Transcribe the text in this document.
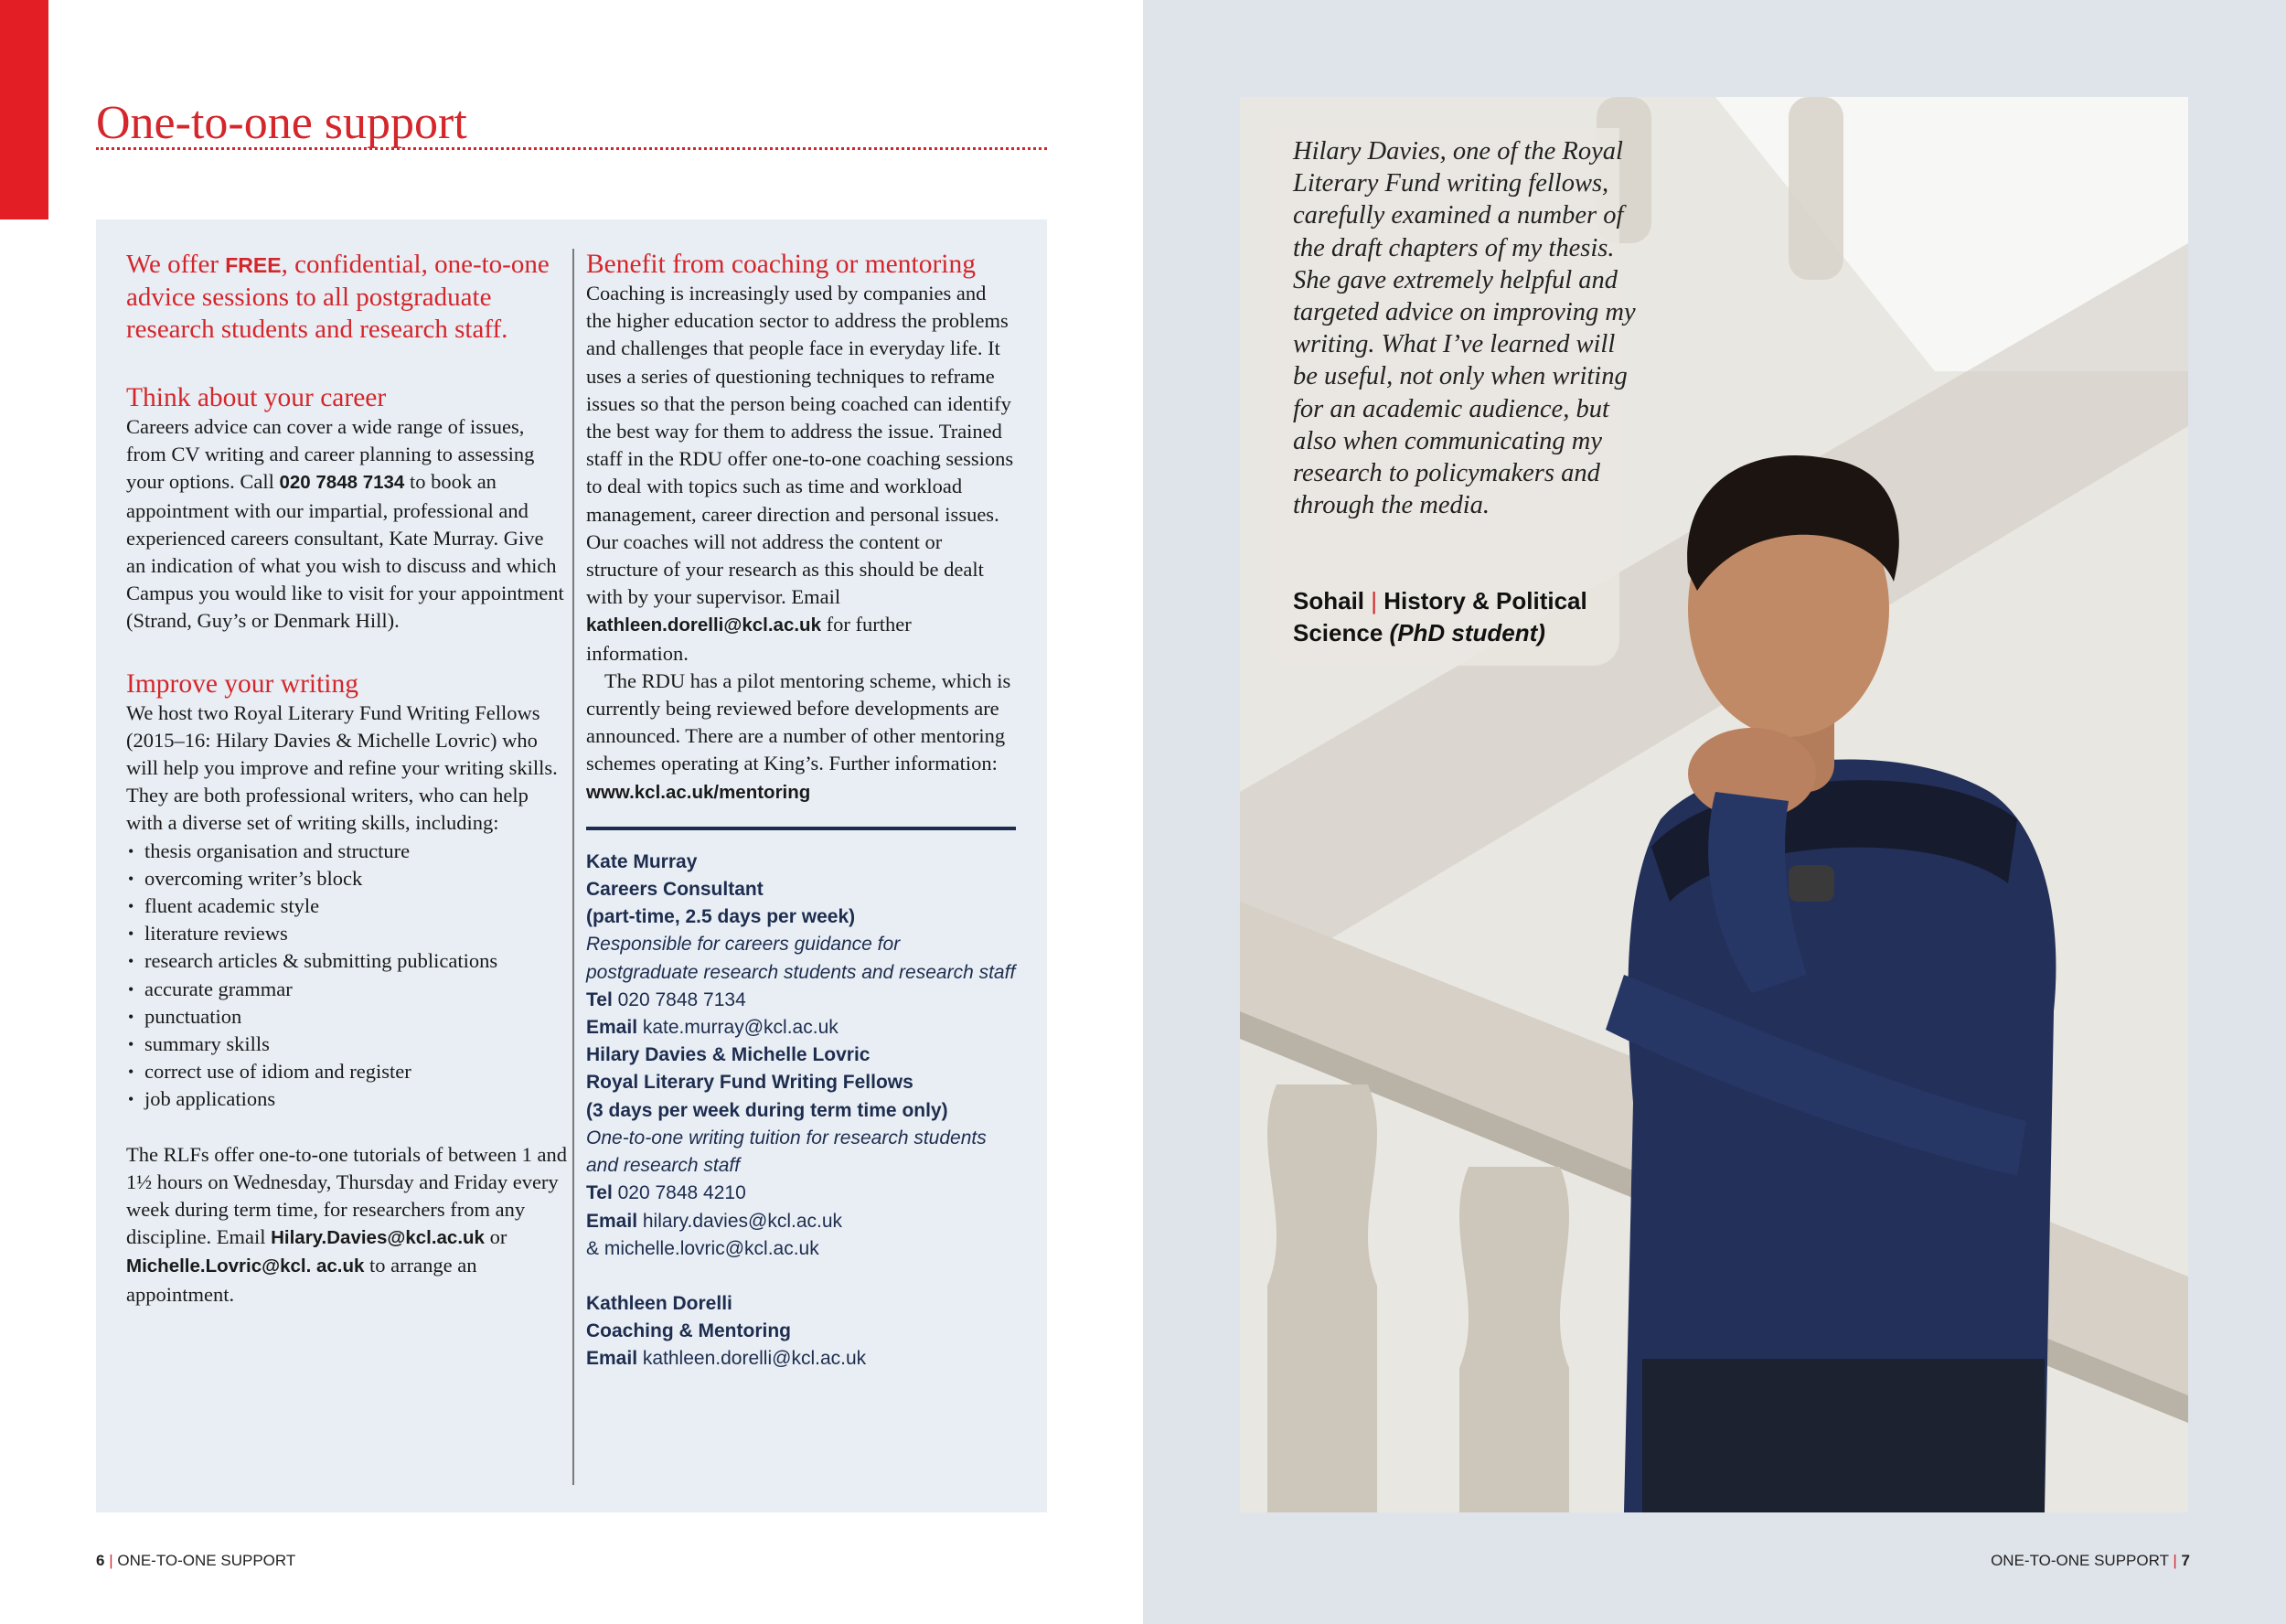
One-to-one support

We offer FREE, confidential, one-to-one advice sessions to all postgraduate research students and research staff.

Think about your career

Careers advice can cover a wide range of issues, from CV writing and career planning to assessing your options. Call 020 7848 7134 to book an appointment with our impartial, professional and experienced careers consultant, Kate Murray. Give an indication of what you wish to discuss and which Campus you would like to visit for your appointment (Strand, Guy’s or Denmark Hill).

Improve your writing

We host two Royal Literary Fund Writing Fellows (2015–16: Hilary Davies & Michelle Lovric) who will help you improve and refine your writing skills. They are both professional writers, who can help with a diverse set of writing skills, including:

• thesis organisation and structure
• overcoming writer’s block
• fluent academic style
• literature reviews
• research articles & submitting publications
• accurate grammar
• punctuation
• summary skills
• correct use of idiom and register
• job applications

The RLFs offer one-to-one tutorials of between 1 and 1½ hours on Wednesday, Thursday and Friday every week during term time, for researchers from any discipline. Email Hilary.Davies@kcl.ac.uk or Michelle.Lovric@kcl. ac.uk to arrange an appointment.

Benefit from coaching or mentoring

Coaching is increasingly used by companies and the higher education sector to address the problems and challenges that people face in everyday life. It uses a series of questioning techniques to reframe issues so that the person being coached can identify the best way for them to address the issue. Trained staff in the RDU offer one-to-one coaching sessions to deal with topics such as time and workload management, career direction and personal issues. Our coaches will not address the content or structure of your research as this should be dealt with by your supervisor. Email kathleen.dorelli@kcl.ac.uk for further information.

The RDU has a pilot mentoring scheme, which is currently being reviewed before developments are announced. There are a number of other mentoring schemes operating at King’s. Further information: www.kcl.ac.uk/mentoring

Kate Murray
Careers Consultant
(part-time, 2.5 days per week)
Responsible for careers guidance for postgraduate research students and research staff
Tel 020 7848 7134
Email kate.murray@kcl.ac.uk
Hilary Davies & Michelle Lovric
Royal Literary Fund Writing Fellows
(3 days per week during term time only)
One-to-one writing tuition for research students and research staff
Tel 020 7848 4210
Email hilary.davies@kcl.ac.uk
& michelle.lovric@kcl.ac.uk
Kathleen Dorelli
Coaching & Mentoring
Email kathleen.dorelli@kcl.ac.uk
Hilary Davies, one of the Royal Literary Fund writing fellows, carefully examined a number of the draft chapters of my thesis. She gave extremely helpful and targeted advice on improving my writing. What I’ve learned will be useful, not only when writing for an academic audience, but also when communicating my research to policymakers and through the media.
Sohail | History & Political Science (PhD student)
6 | ONE-TO-ONE SUPPORT	ONE-TO-ONE SUPPORT | 7
